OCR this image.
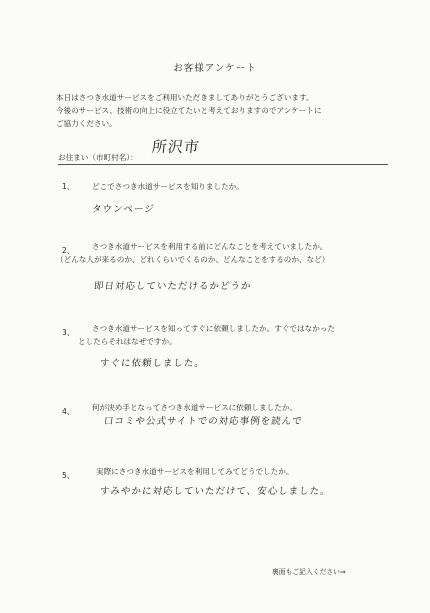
お客様アンケート
本日はさつき水道サービスをご利用いただきましてありがとうございます。
今後のサービス、技術の向上に役立てたいと考えておりますのでアンケートに
ご協力ください。
お住まい（市町村名）：
所沢市
1、 どこでさつき水道サービスを知りましたか。
タウンページ
2、 さつき水道サービスを利用する前にどんなことを考えていましたか。
（どんな人が来るのか、どれくらいでくるのか、どんなことをするのか、など）
即日対応していただけるかどうか
3、 さつき水道サービスを知ってすぐに依頼しましたか。すぐではなかった
としたらそれはなぜですか。
すぐに依頼しました。
4、 何が決め手となってさつき水道サービスに依頼しましたか。
口コミや公式サイトでの対応事例を読んで
5、	実際にさつき水道サービスを利用してみてどうでしたか。
すみやかに対応していただけて、安心しました。
裏面もご記入ください⇒
